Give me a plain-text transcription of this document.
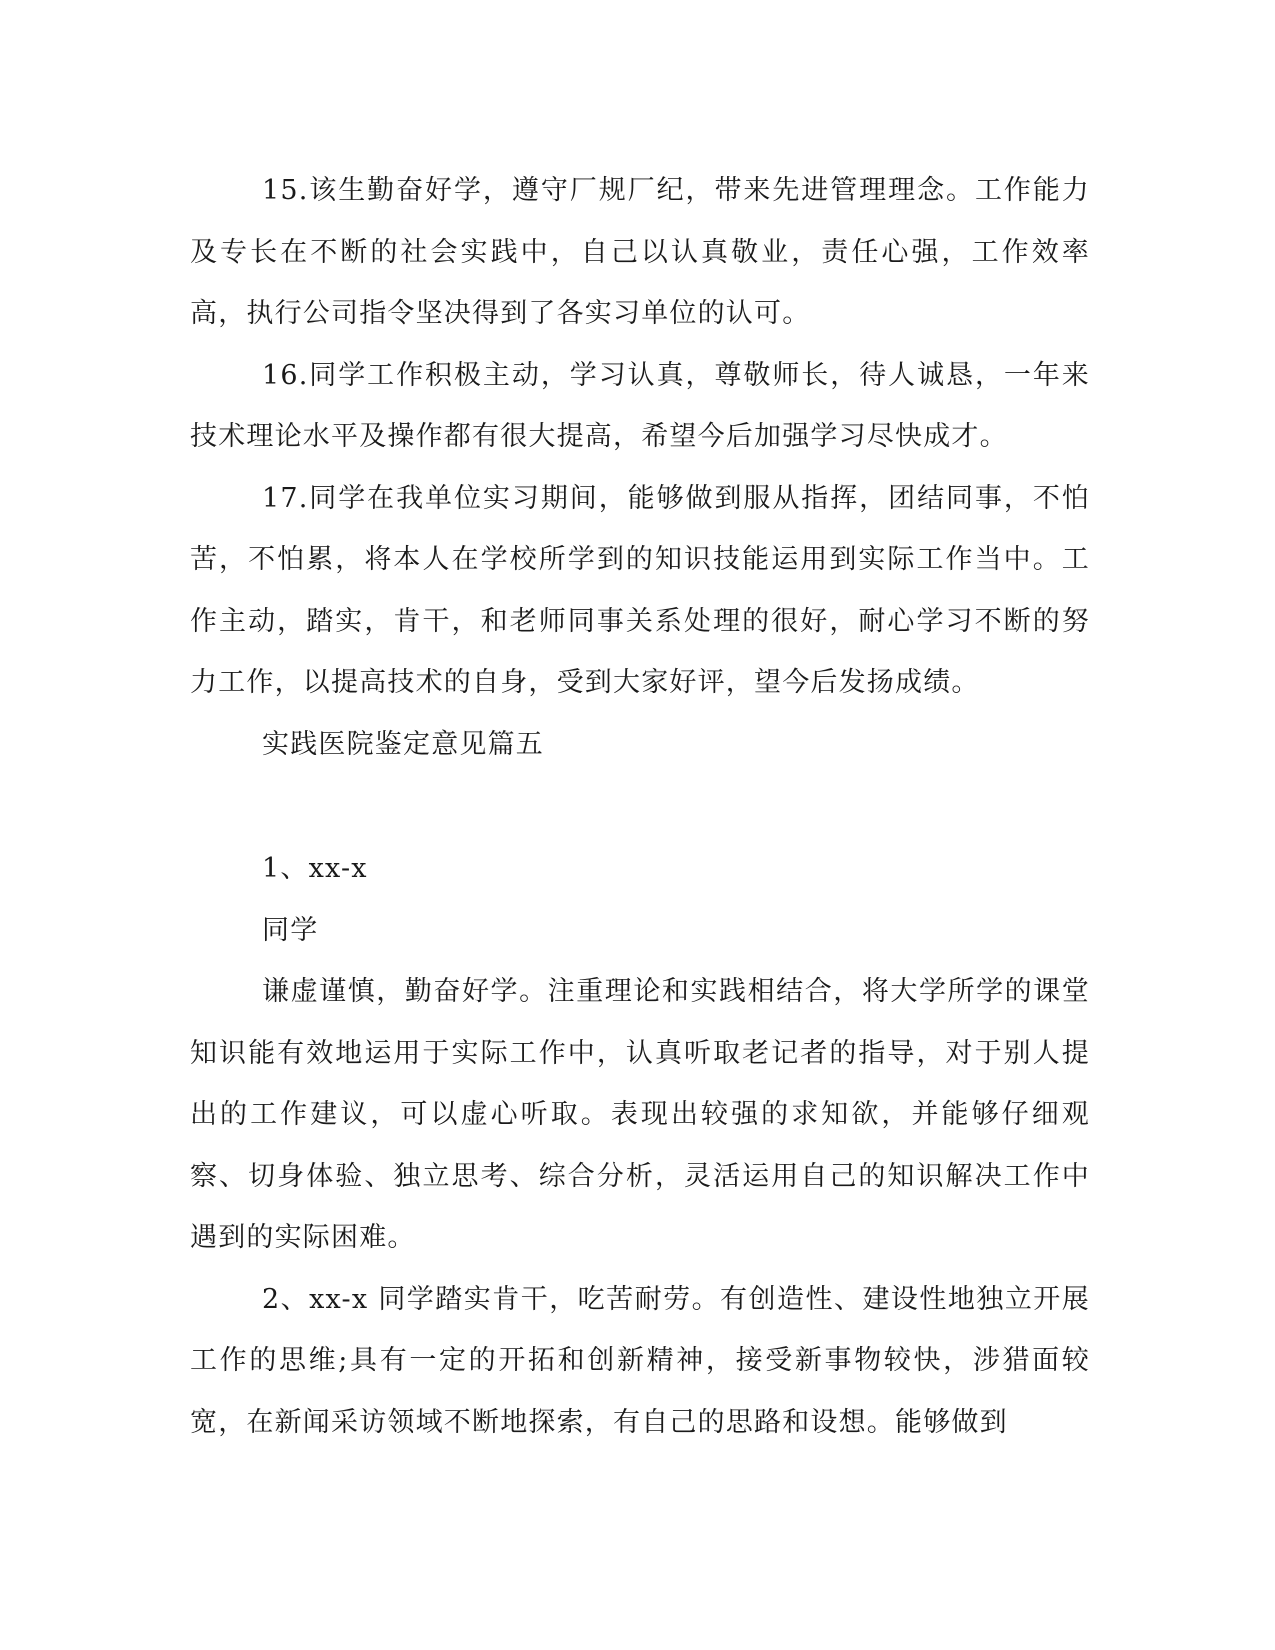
15.该生勤奋好学，遵守厂规厂纪，带来先进管理理念。工作能力及专长在不断的社会实践中，自己以认真敬业，责任心强，工作效率高，执行公司指令坚决得到了各实习单位的认可。

16.同学工作积极主动，学习认真，尊敬师长，待人诚恳，一年来技术理论水平及操作都有很大提高，希望今后加强学习尽快成才。

17.同学在我单位实习期间，能够做到服从指挥，团结同事，不怕苦，不怕累，将本人在学校所学到的知识技能运用到实际工作当中。工作主动，踏实，肯干，和老师同事关系处理的很好，耐心学习不断的努力工作，以提高技术的自身，受到大家好评，望今后发扬成绩。

实践医院鉴定意见篇五

1、xx-x

同学

谦虚谨慎，勤奋好学。注重理论和实践相结合，将大学所学的课堂知识能有效地运用于实际工作中，认真听取老记者的指导，对于别人提出的工作建议，可以虚心听取。表现出较强的求知欲，并能够仔细观察、切身体验、独立思考、综合分析，灵活运用自己的知识解决工作中遇到的实际困难。

2、xx-x 同学踏实肯干，吃苦耐劳。有创造性、建设性地独立开展工作的思维;具有一定的开拓和创新精神，接受新事物较快，涉猎面较宽，在新闻采访领域不断地探索，有自己的思路和设想。能够做到
